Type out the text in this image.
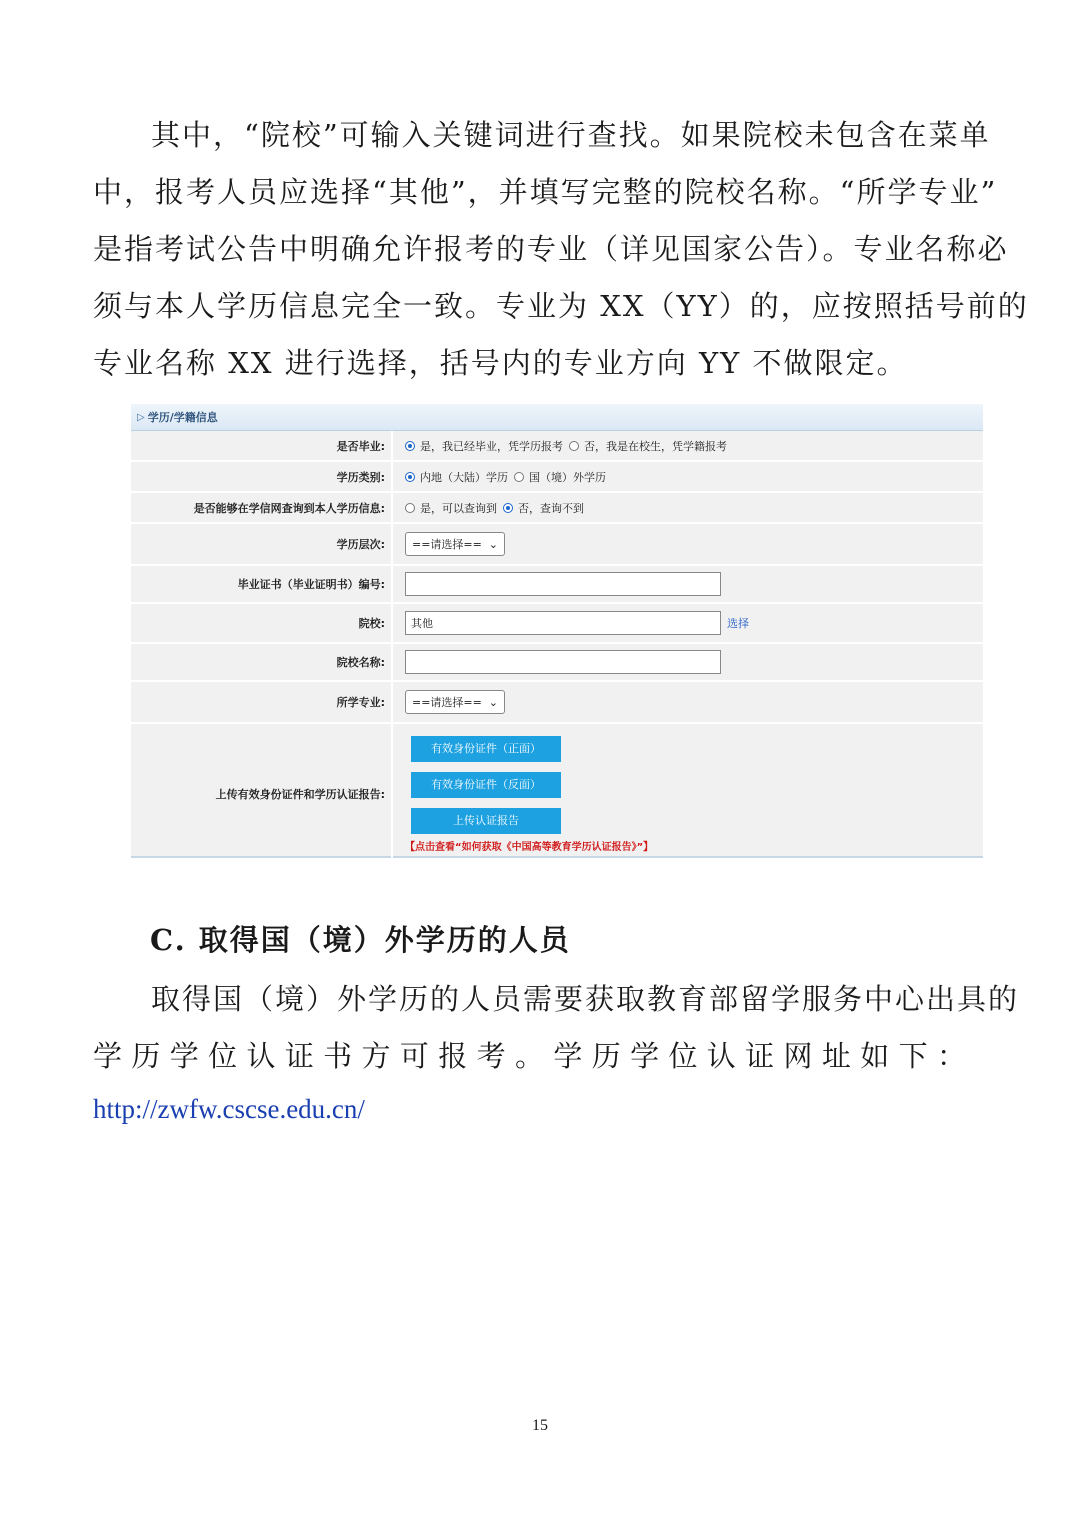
其中，“院校”可输入关键词进行查找。如果院校未包含在菜单
中，报考人员应选择“其他”，并填写完整的院校名称。“所学专业”
是指考试公告中明确允许报考的专业（详见国家公告）。专业名称必
须与本人学历信息完全一致。专业为 XX（YY）的，应按照括号前的
专业名称 XX 进行选择，括号内的专业方向 YY 不做限定。
▷ 学历/学籍信息
是否毕业:	是，我已经毕业，凭学历报考 否，我是在校生，凭学籍报考
学历类别:	内地（大陆）学历 国（境）外学历
是否能够在学信网查询到本人学历信息:	是，可以查询到 否，查询不到
学历层次:	==请选择== ⌄
毕业证书（毕业证明书）编号:
院校:	其他	选择
院校名称:
所学专业:	==请选择== ⌄
上传有效身份证件和学历认证报告:
有效身份证件（正面）
有效身份证件（反面）
上传认证报告
【点击查看“如何获取《中国高等教育学历认证报告》”】
C. 取得国（境）外学历的人员
取得国（境）外学历的人员需要获取教育部留学服务中心出具的
学历学位认证书方可报考。学历学位认证网址如下：
http://zwfw.cscse.edu.cn/
15
